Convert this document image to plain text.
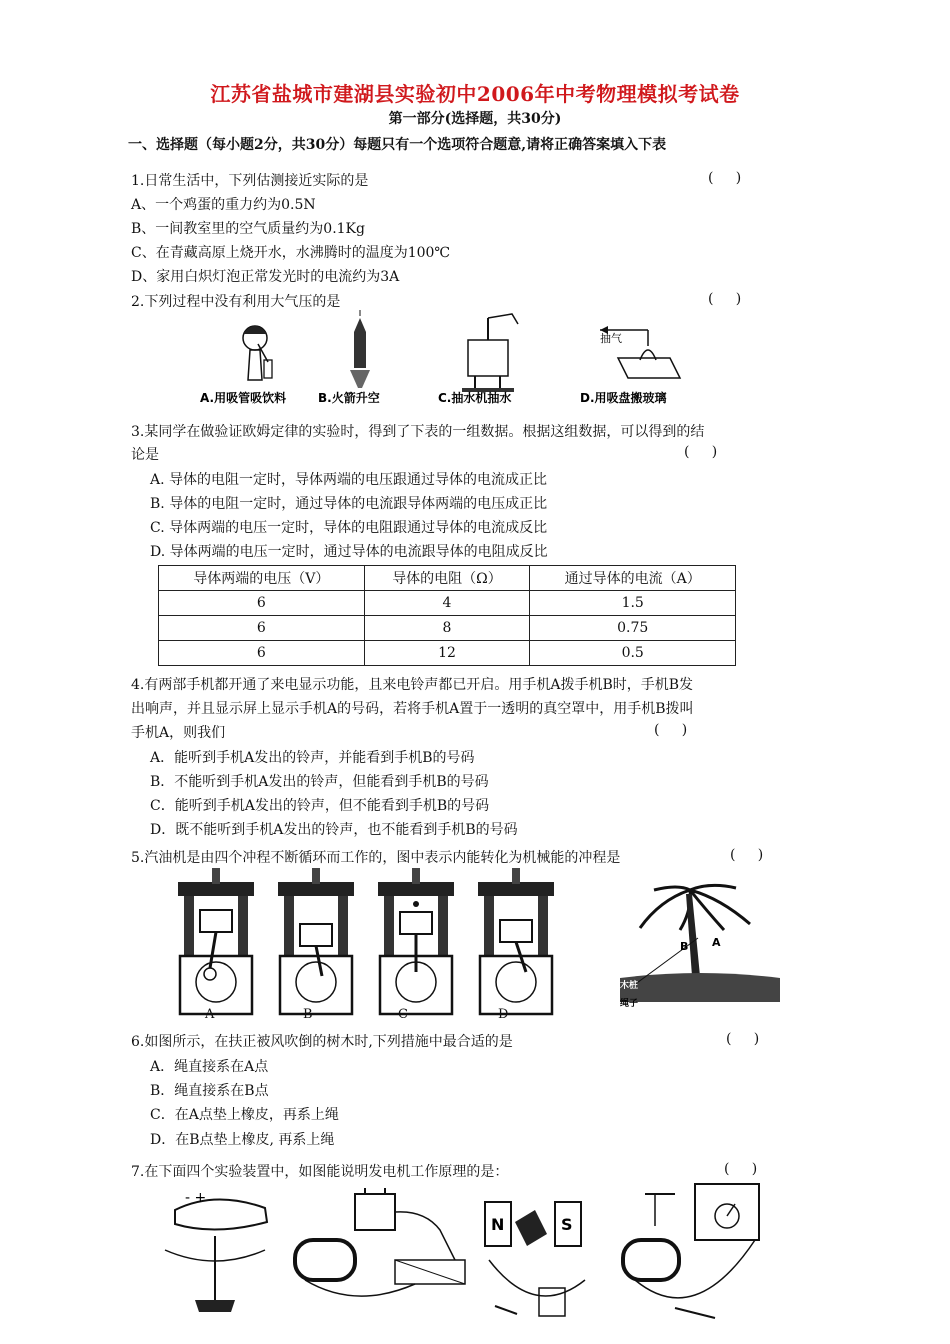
江苏省盐城市建湖县实验初中2006年中考物理模拟考试卷
第一部分(选择题，共30分)
一、选择题（每小题2分，共30分）每题只有一个选项符合题意,请将正确答案填入下表
1.日常生活中，下列估测接近实际的是	(     )
A、一个鸡蛋的重力约为0.5N
B、一间教室里的空气质量约为0.1Kg
C、在青藏高原上烧开水，水沸腾时的温度为100℃
D、家用白炽灯泡正常发光时的电流约为3A
2.下列过程中没有利用大气压的是	(     )
抽气
A.用吸管吸饮料	B.火箭升空	C.抽水机抽水	D.用吸盘搬玻璃
3.某同学在做验证欧姆定律的实验时，得到了下表的一组数据。根据这组数据，可以得到的结
论是	(     )
A. 导体的电阻一定时，导体两端的电压跟通过导体的电流成正比
B. 导体的电阻一定时，通过导体的电流跟导体两端的电压成正比
C. 导体两端的电压一定时，导体的电阻跟通过导体的电流成反比
D. 导体两端的电压一定时，通过导体的电流跟导体的电阻成反比
导体两端的电压（V）	导体的电阻（Ω）	通过导体的电流（A）
6	4	1.5
6	8	0.75
6	12	0.5
4.有两部手机都开通了来电显示功能，且来电铃声都已开启。用手机A拨手机B时，手机B发
出响声，并且显示屏上显示手机A的号码，若将手机A置于一透明的真空罩中，用手机B拨叫
手机A，则我们	(     )
A．能听到手机A发出的铃声，并能看到手机B的号码
B．不能听到手机A发出的铃声，但能看到手机B的号码
C．能听到手机A发出的铃声，但不能看到手机B的号码
D．既不能听到手机A发出的铃声，也不能看到手机B的号码
5.汽油机是由四个冲程不断循环而工作的，图中表示内能转化为机械能的冲程是	(     )
A	B	C	D
B A
木桩
绳子
6.如图所示，在扶正被风吹倒的树木时,下列措施中最合适的是	(     )
A．绳直接系在A点
B．绳直接系在B点
C．在A点垫上橡皮，再系上绳
D．在B点垫上橡皮, 再系上绳
7.在下面四个实验装置中，如图能说明发电机工作原理的是：	(     )
- +
N	S
